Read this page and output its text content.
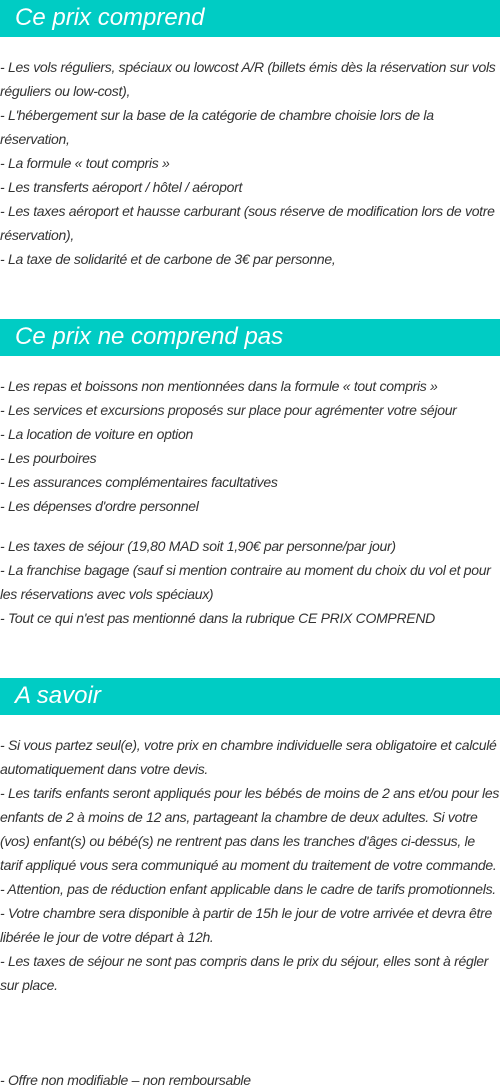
Ce prix comprend

- Les vols réguliers, spéciaux ou lowcost A/R (billets émis dès la réservation sur vols réguliers ou low-cost),

- L'hébergement sur la base de la catégorie de chambre choisie lors de la réservation,

- La formule « tout compris »

- Les transferts aéroport / hôtel / aéroport

- Les taxes aéroport et hausse carburant (sous réserve de modification lors de votre réservation),

- La taxe de solidarité et de carbone de 3€ par personne,

Ce prix ne comprend pas

- Les repas et boissons non mentionnées dans la formule « tout compris »

- Les services et excursions proposés sur place pour agrémenter votre séjour

- La location de voiture en option

- Les pourboires

- Les assurances complémentaires facultatives

- Les dépenses d'ordre personnel

- Les taxes de séjour (19,80 MAD soit 1,90€ par personne/par jour)

- La franchise bagage (sauf si mention contraire au moment du choix du vol et pour les réservations avec vols spéciaux)

- Tout ce qui n'est pas mentionné dans la rubrique CE PRIX COMPREND

A savoir

- Si vous partez seul(e), votre prix en chambre individuelle sera obligatoire et calculé automatiquement dans votre devis.

- Les tarifs enfants seront appliqués pour les bébés de moins de 2 ans et/ou pour les enfants de 2 à moins de 12 ans, partageant la chambre de deux adultes. Si votre (vos) enfant(s) ou bébé(s) ne rentrent pas dans les tranches d'âges ci-dessus, le tarif appliqué vous sera communiqué au moment du traitement de votre commande.

- Attention, pas de réduction enfant applicable dans le cadre de tarifs promotionnels.

- Votre chambre sera disponible à partir de 15h le jour de votre arrivée et devra être libérée le jour de votre départ à 12h.

- Les taxes de séjour ne sont pas compris dans le prix du séjour, elles sont à régler sur place.

- Offre non modifiable – non remboursable
